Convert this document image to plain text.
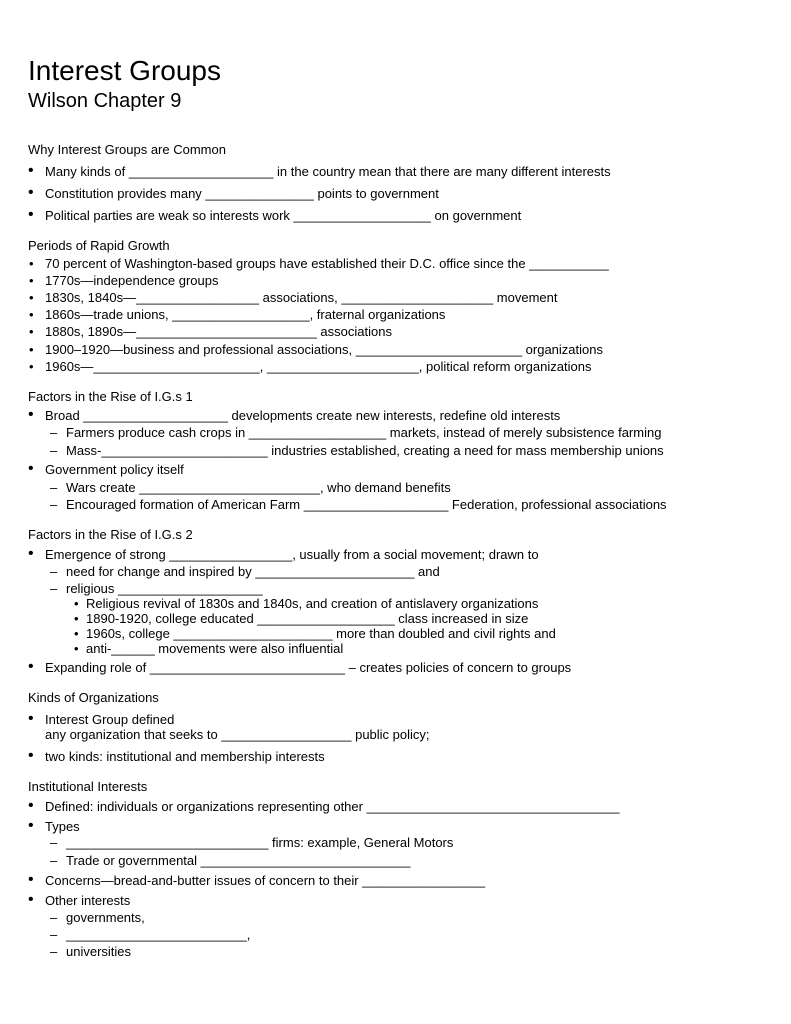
Interest Groups
Wilson Chapter 9
Why Interest Groups are Common
• Many kinds of ____________________ in the country mean that there are many different interests
• Constitution provides many _______________ points to government
• Political parties are weak so interests work ___________________ on government
Periods of Rapid Growth
• 70 percent of Washington-based groups have established their D.C. office since the ___________
• 1770s—independence groups
• 1830s, 1840s—_________________ associations, _____________________ movement
• 1860s—trade unions, ___________________, fraternal organizations
• 1880s, 1890s—_________________________ associations
• 1900–1920—business and professional associations, _______________________ organizations
• 1960s—_______________________, _____________________, political reform organizations
Factors in the Rise of I.G.s 1
• Broad ____________________ developments create new interests, redefine old interests
– Farmers produce cash crops in ___________________ markets, instead of merely subsistence farming
– Mass-_______________________ industries established, creating a need for mass membership unions
• Government policy itself
– Wars create _________________________, who demand benefits
– Encouraged formation of American Farm ____________________ Federation, professional associations
Factors in the Rise of I.G.s 2
• Emergence of strong _________________, usually from a social movement; drawn to
– need for change and inspired by ______________________ and
– religious ____________________
• Religious revival of 1830s and 1840s, and creation of antislavery organizations
• 1890-1920, college educated ___________________ class increased in size
• 1960s, college ______________________ more than doubled and civil rights and
• anti-______ movements were also influential
• Expanding role of ___________________________ – creates policies of concern to groups
Kinds of Organizations
• Interest Group defined
any organization that seeks to __________________ public policy;
• two kinds: institutional and membership interests
Institutional Interests
• Defined: individuals or organizations representing other ___________________________________
• Types
– ____________________________ firms: example, General Motors
– Trade or governmental _____________________________
• Concerns—bread-and-butter issues of concern to their _________________
• Other interests
– governments,
– _________________________,
– universities
